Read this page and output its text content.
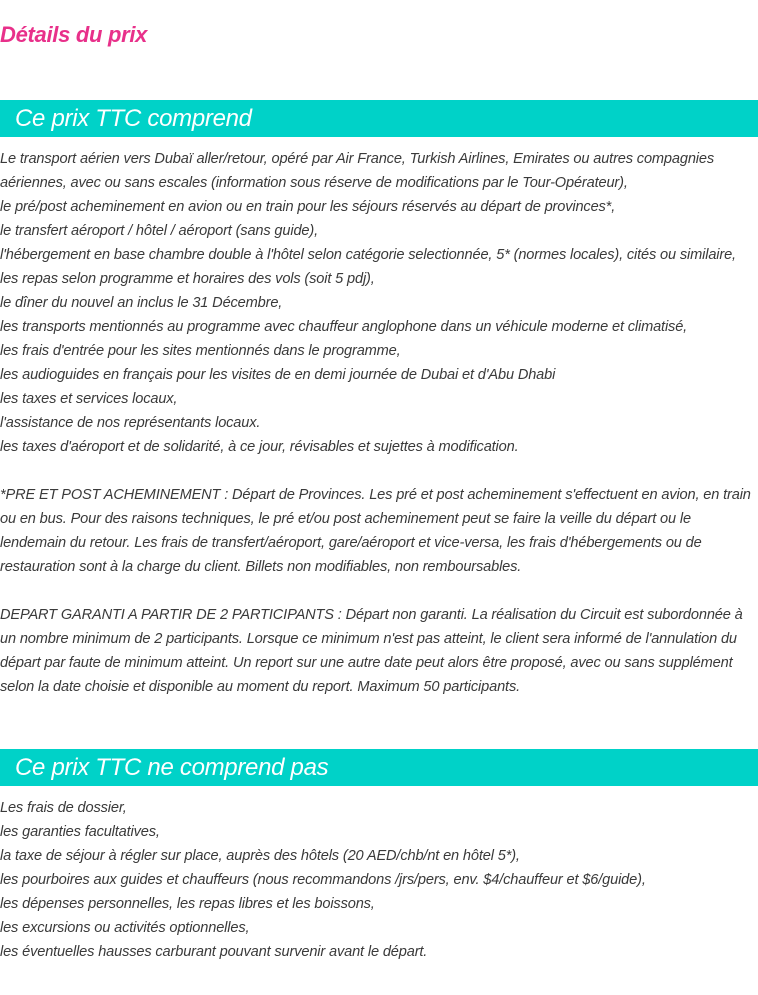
Détails du prix
Ce prix TTC comprend

Le transport aérien vers Dubaï aller/retour, opéré par Air France, Turkish Airlines, Emirates ou autres compagnies

aériennes, avec ou sans escales (information sous réserve de modifications par le Tour-Opérateur),

le pré/post acheminement en avion ou en train pour les séjours réservés au départ de provinces*,

le transfert aéroport / hôtel / aéroport (sans guide),

l'hébergement en base chambre double à l'hôtel selon catégorie selectionnée, 5* (normes locales), cités ou similaire,

les repas selon programme et horaires des vols (soit 5 pdj),

le dîner du nouvel an inclus le 31 Décembre,

les transports mentionnés au programme avec chauffeur anglophone dans un véhicule moderne et climatisé,

les frais d'entrée pour les sites mentionnés dans le programme,

les audioguides en français pour les visites de en demi journée de Dubai et d'Abu Dhabi

les taxes et services locaux,

l'assistance de nos représentants locaux.

les taxes d'aéroport et de solidarité, à ce jour, révisables et sujettes à modification.

*PRE ET POST ACHEMINEMENT : Départ de Provinces. Les pré et post acheminement s'effectuent en avion, en train ou en bus. Pour des raisons techniques, le pré et/ou post acheminement peut se faire la veille du départ ou le lendemain du retour. Les frais de transfert/aéroport, gare/aéroport et vice-versa, les frais d'hébergements ou de restauration sont à la charge du client. Billets non modifiables, non remboursables.

DEPART GARANTI A PARTIR DE 2 PARTICIPANTS : Départ non garanti. La réalisation du Circuit est subordonnée à un nombre minimum de 2 participants. Lorsque ce minimum n'est pas atteint, le client sera informé de l'annulation du départ par faute de minimum atteint. Un report sur une autre date peut alors être proposé, avec ou sans supplément selon la date choisie et disponible au moment du report. Maximum 50 participants.

Ce prix TTC ne comprend pas

Les frais de dossier,

les garanties facultatives,

la taxe de séjour à régler sur place, auprès des hôtels (20 AED/chb/nt en hôtel 5*),

les pourboires aux guides et chauffeurs (nous recommandons /jrs/pers, env. $4/chauffeur et $6/guide),

les dépenses personnelles, les repas libres et les boissons,

les excursions ou activités optionnelles,

les éventuelles hausses carburant pouvant survenir avant le départ.
